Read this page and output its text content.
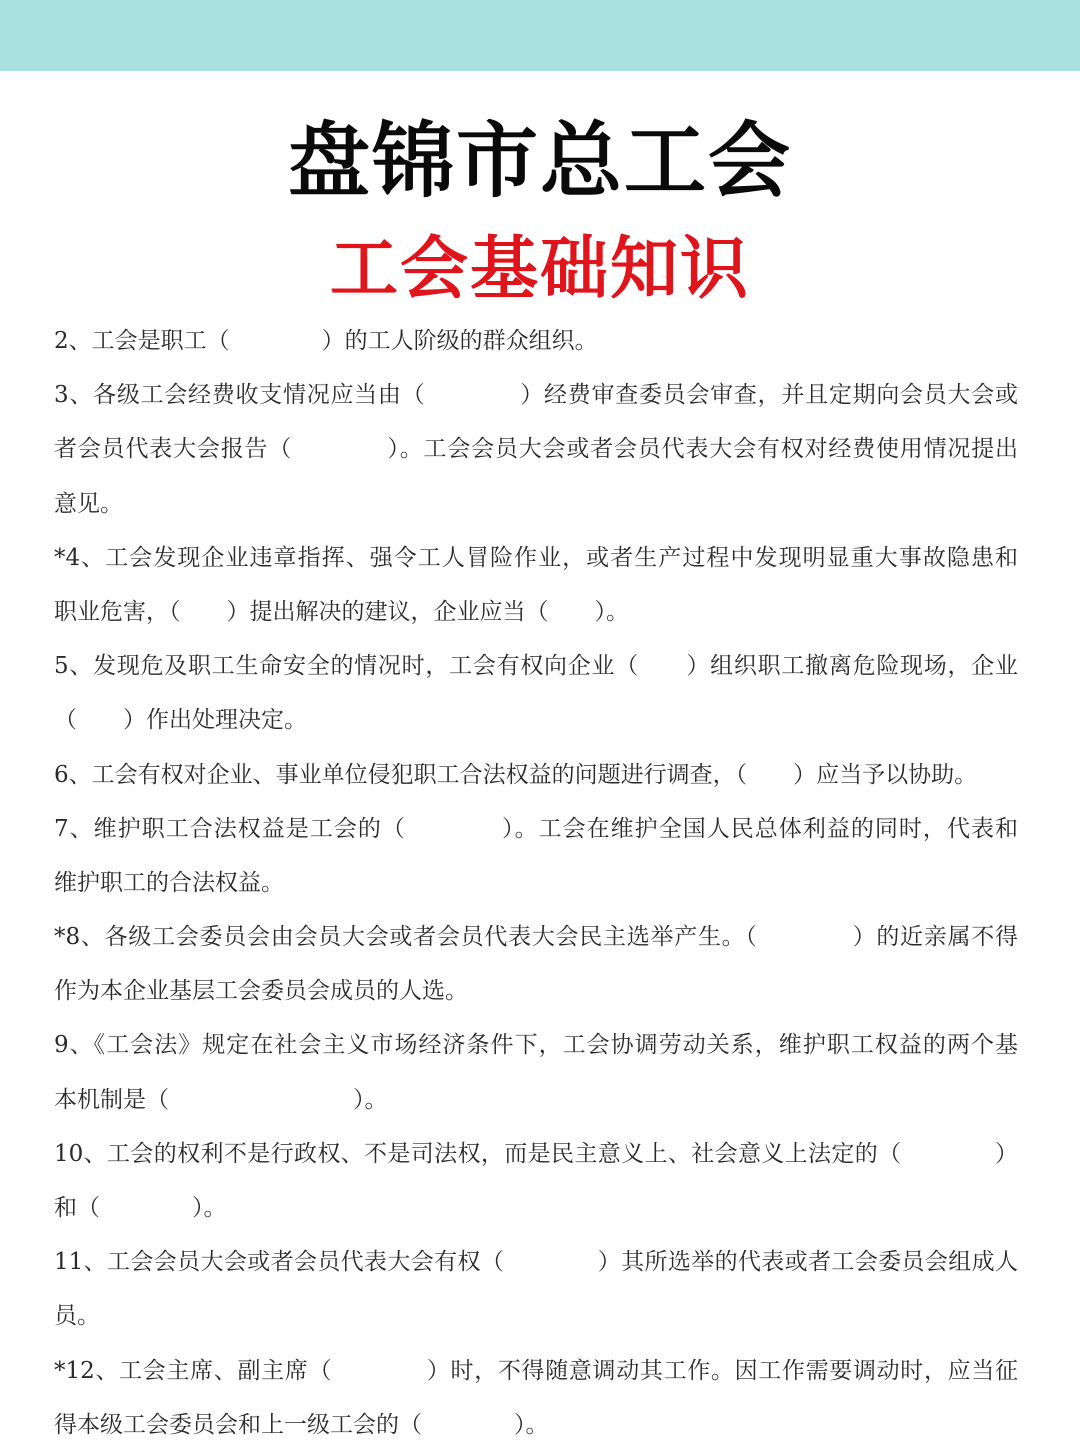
盘锦市总工会
工会基础知识
2、工会是职工（　　　　）的工人阶级的群众组织。
3、各级工会经费收支情况应当由（　　　　）经费审查委员会审查，并且定期向会员大会或
者会员代表大会报告（　　　　）。工会会员大会或者会员代表大会有权对经费使用情况提出
意见。
*4、工会发现企业违章指挥、强令工人冒险作业，或者生产过程中发现明显重大事故隐患和
职业危害，（　　）提出解决的建议，企业应当（　　）。
5、发现危及职工生命安全的情况时，工会有权向企业（　　）组织职工撤离危险现场，企业
（　　）作出处理决定。
6、工会有权对企业、事业单位侵犯职工合法权益的问题进行调查，（　　）应当予以协助。
7、维护职工合法权益是工会的（　　　　）。工会在维护全国人民总体利益的同时，代表和
维护职工的合法权益。
*8、各级工会委员会由会员大会或者会员代表大会民主选举产生。（　　　　）的近亲属不得
作为本企业基层工会委员会成员的人选。
9、《工会法》规定在社会主义市场经济条件下，工会协调劳动关系，维护职工权益的两个基
本机制是（　　　　　　　　）。
10、工会的权利不是行政权、不是司法权，而是民主意义上、社会意义上法定的（　　　　）
和（　　　　）。
11、工会会员大会或者会员代表大会有权（　　　　）其所选举的代表或者工会委员会组成人
员。
*12、工会主席、副主席（　　　　）时，不得随意调动其工作。因工作需要调动时，应当征
得本级工会委员会和上一级工会的（　　　　）。
